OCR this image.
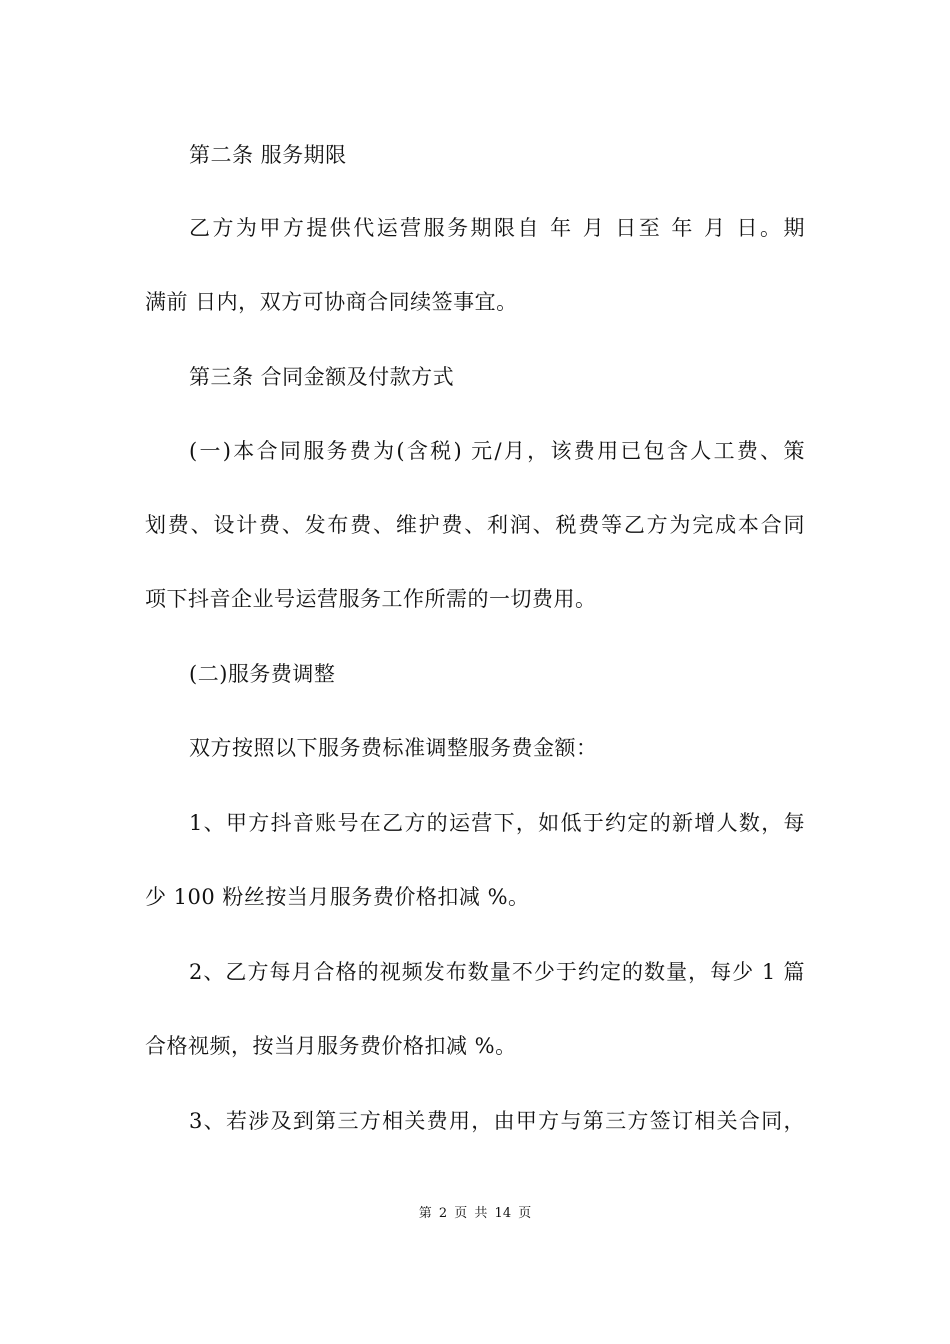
第二条 服务期限
乙方为甲方提供代运营服务期限自 年 月 日至 年 月 日。期
满前 日内，双方可协商合同续签事宜。
第三条 合同金额及付款方式
(一)本合同服务费为(含税) 元/月，该费用已包含人工费、策
划费、设计费、发布费、维护费、利润、税费等乙方为完成本合同
项下抖音企业号运营服务工作所需的一切费用。
(二)服务费调整
双方按照以下服务费标准调整服务费金额：
1、甲方抖音账号在乙方的运营下，如低于约定的新增人数，每
少 100 粉丝按当月服务费价格扣减 %。
2、乙方每月合格的视频发布数量不少于约定的数量，每少 1 篇
合格视频，按当月服务费价格扣减 %。
3、若涉及到第三方相关费用，由甲方与第三方签订相关合同，
第 2 页 共 14 页
